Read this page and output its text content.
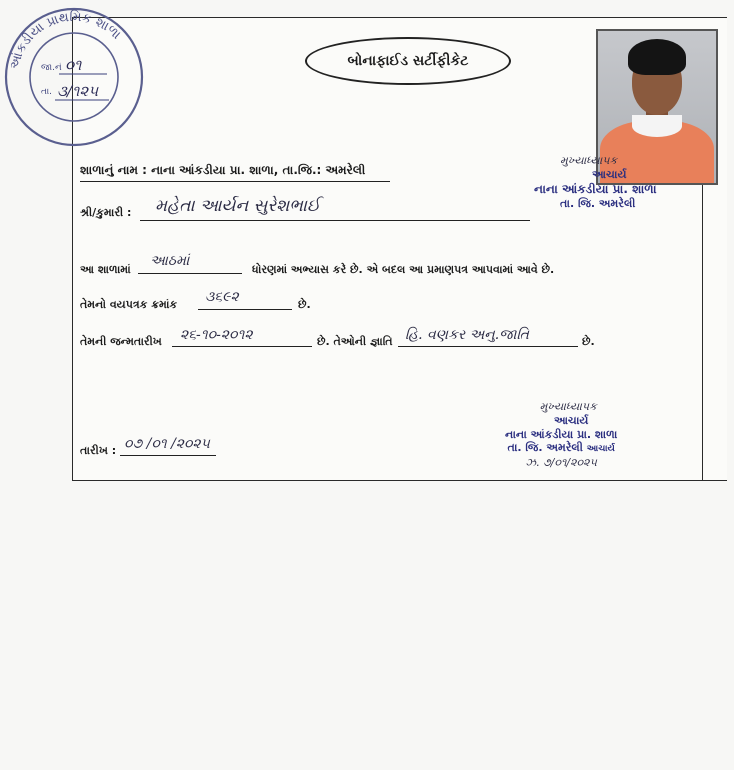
આંકડીયા પ્રાથમિક શાળા
જા.નં ૦૧
તા. ૩/૧૨૫
બોનાફાઈડ સર્ટીફીકેટ
મુખ્યાધ્યાપક
આચાર્ય
નાના આંકડીયા પ્રા. શાળા
તા. જિ. અમરેલી
શાળાનું નામ : નાના આંકડીયા પ્રા. શાળા, તા.જિ.: અમરેલી
શ્રી/કુમારી : મહેતા આર્યન સુરેશભાઈ
આ શાળામાં
આઠમાં
ધોરણમાં અભ્યાસ કરે છે. એ બદલ આ પ્રમાણપત્ર આપવામાં આવે છે.
તેમનો વયપત્રક ક્રમાંક ૩૬૯૨	છે.
તેમની જન્મતારીખ ૨૬-૧૦-૨૦૧૨	છે. તેઓની જ્ઞાતિ હિ. વણકર અનુ.જાતિ	છે.
તારીખ : ૦૭ /૦૧ /૨૦૨૫
મુખ્યાધ્યાપક
આચાર્ય
નાના આંકડીયા પ્રા. શાળા
તા. જિ. અમરેલી આચાર્ય
ઝ. ૭/૦૧/૨૦૨૫
